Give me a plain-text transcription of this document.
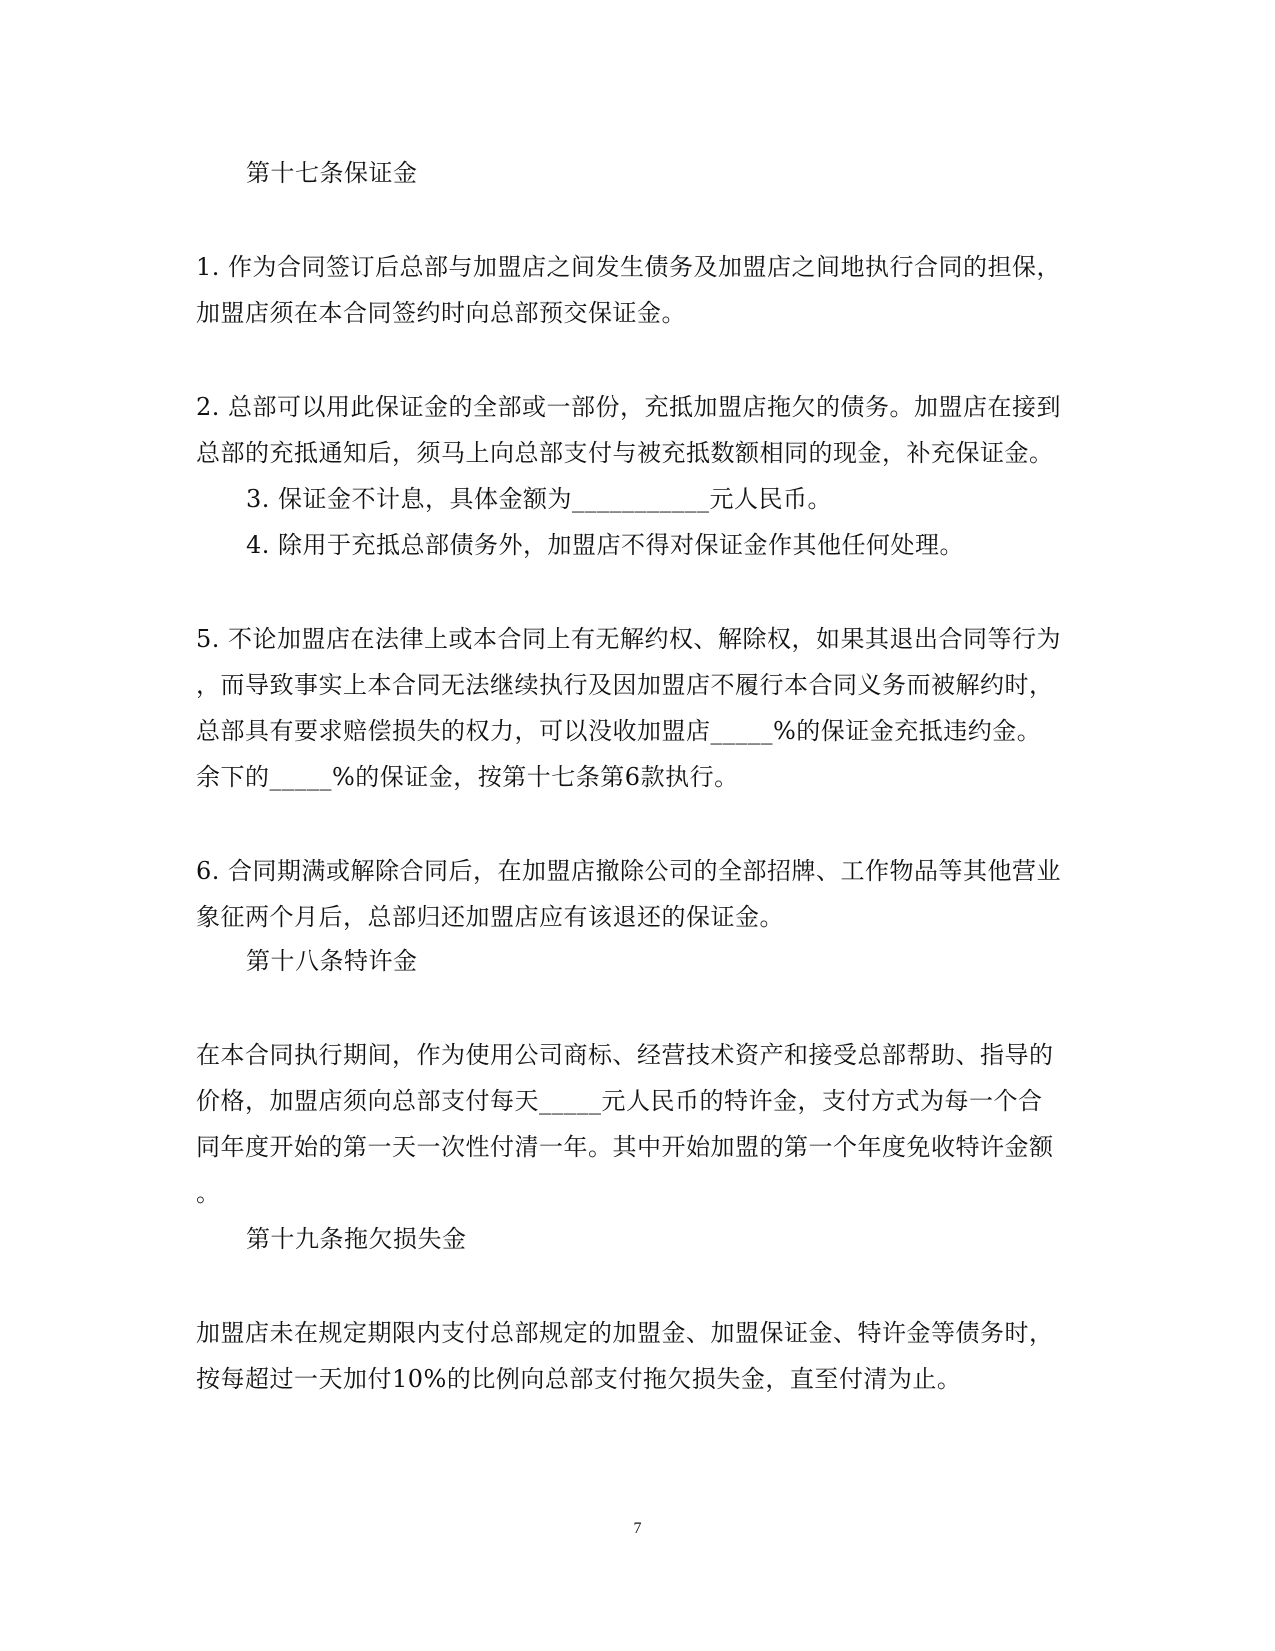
第十七条保证金
1. 作为合同签订后总部与加盟店之间发生债务及加盟店之间地执行合同的担保，
加盟店须在本合同签约时向总部预交保证金。
2. 总部可以用此保证金的全部或一部份，充抵加盟店拖欠的债务。加盟店在接到
总部的充抵通知后，须马上向总部支付与被充抵数额相同的现金，补充保证金。
3. 保证金不计息，具体金额为___________元人民币。
4. 除用于充抵总部债务外，加盟店不得对保证金作其他任何处理。
5. 不论加盟店在法律上或本合同上有无解约权、解除权，如果其退出合同等行为
，而导致事实上本合同无法继续执行及因加盟店不履行本合同义务而被解约时，
总部具有要求赔偿损失的权力，可以没收加盟店_____%的保证金充抵违约金。
余下的_____%的保证金，按第十七条第6款执行。
6. 合同期满或解除合同后，在加盟店撤除公司的全部招牌、工作物品等其他营业
象征两个月后，总部归还加盟店应有该退还的保证金。
第十八条特许金
在本合同执行期间，作为使用公司商标、经营技术资产和接受总部帮助、指导的
价格，加盟店须向总部支付每天_____元人民币的特许金，支付方式为每一个合
同年度开始的第一天一次性付清一年。其中开始加盟的第一个年度免收特许金额
。
第十九条拖欠损失金
加盟店未在规定期限内支付总部规定的加盟金、加盟保证金、特许金等债务时，
按每超过一天加付10%的比例向总部支付拖欠损失金，直至付清为止。
7
